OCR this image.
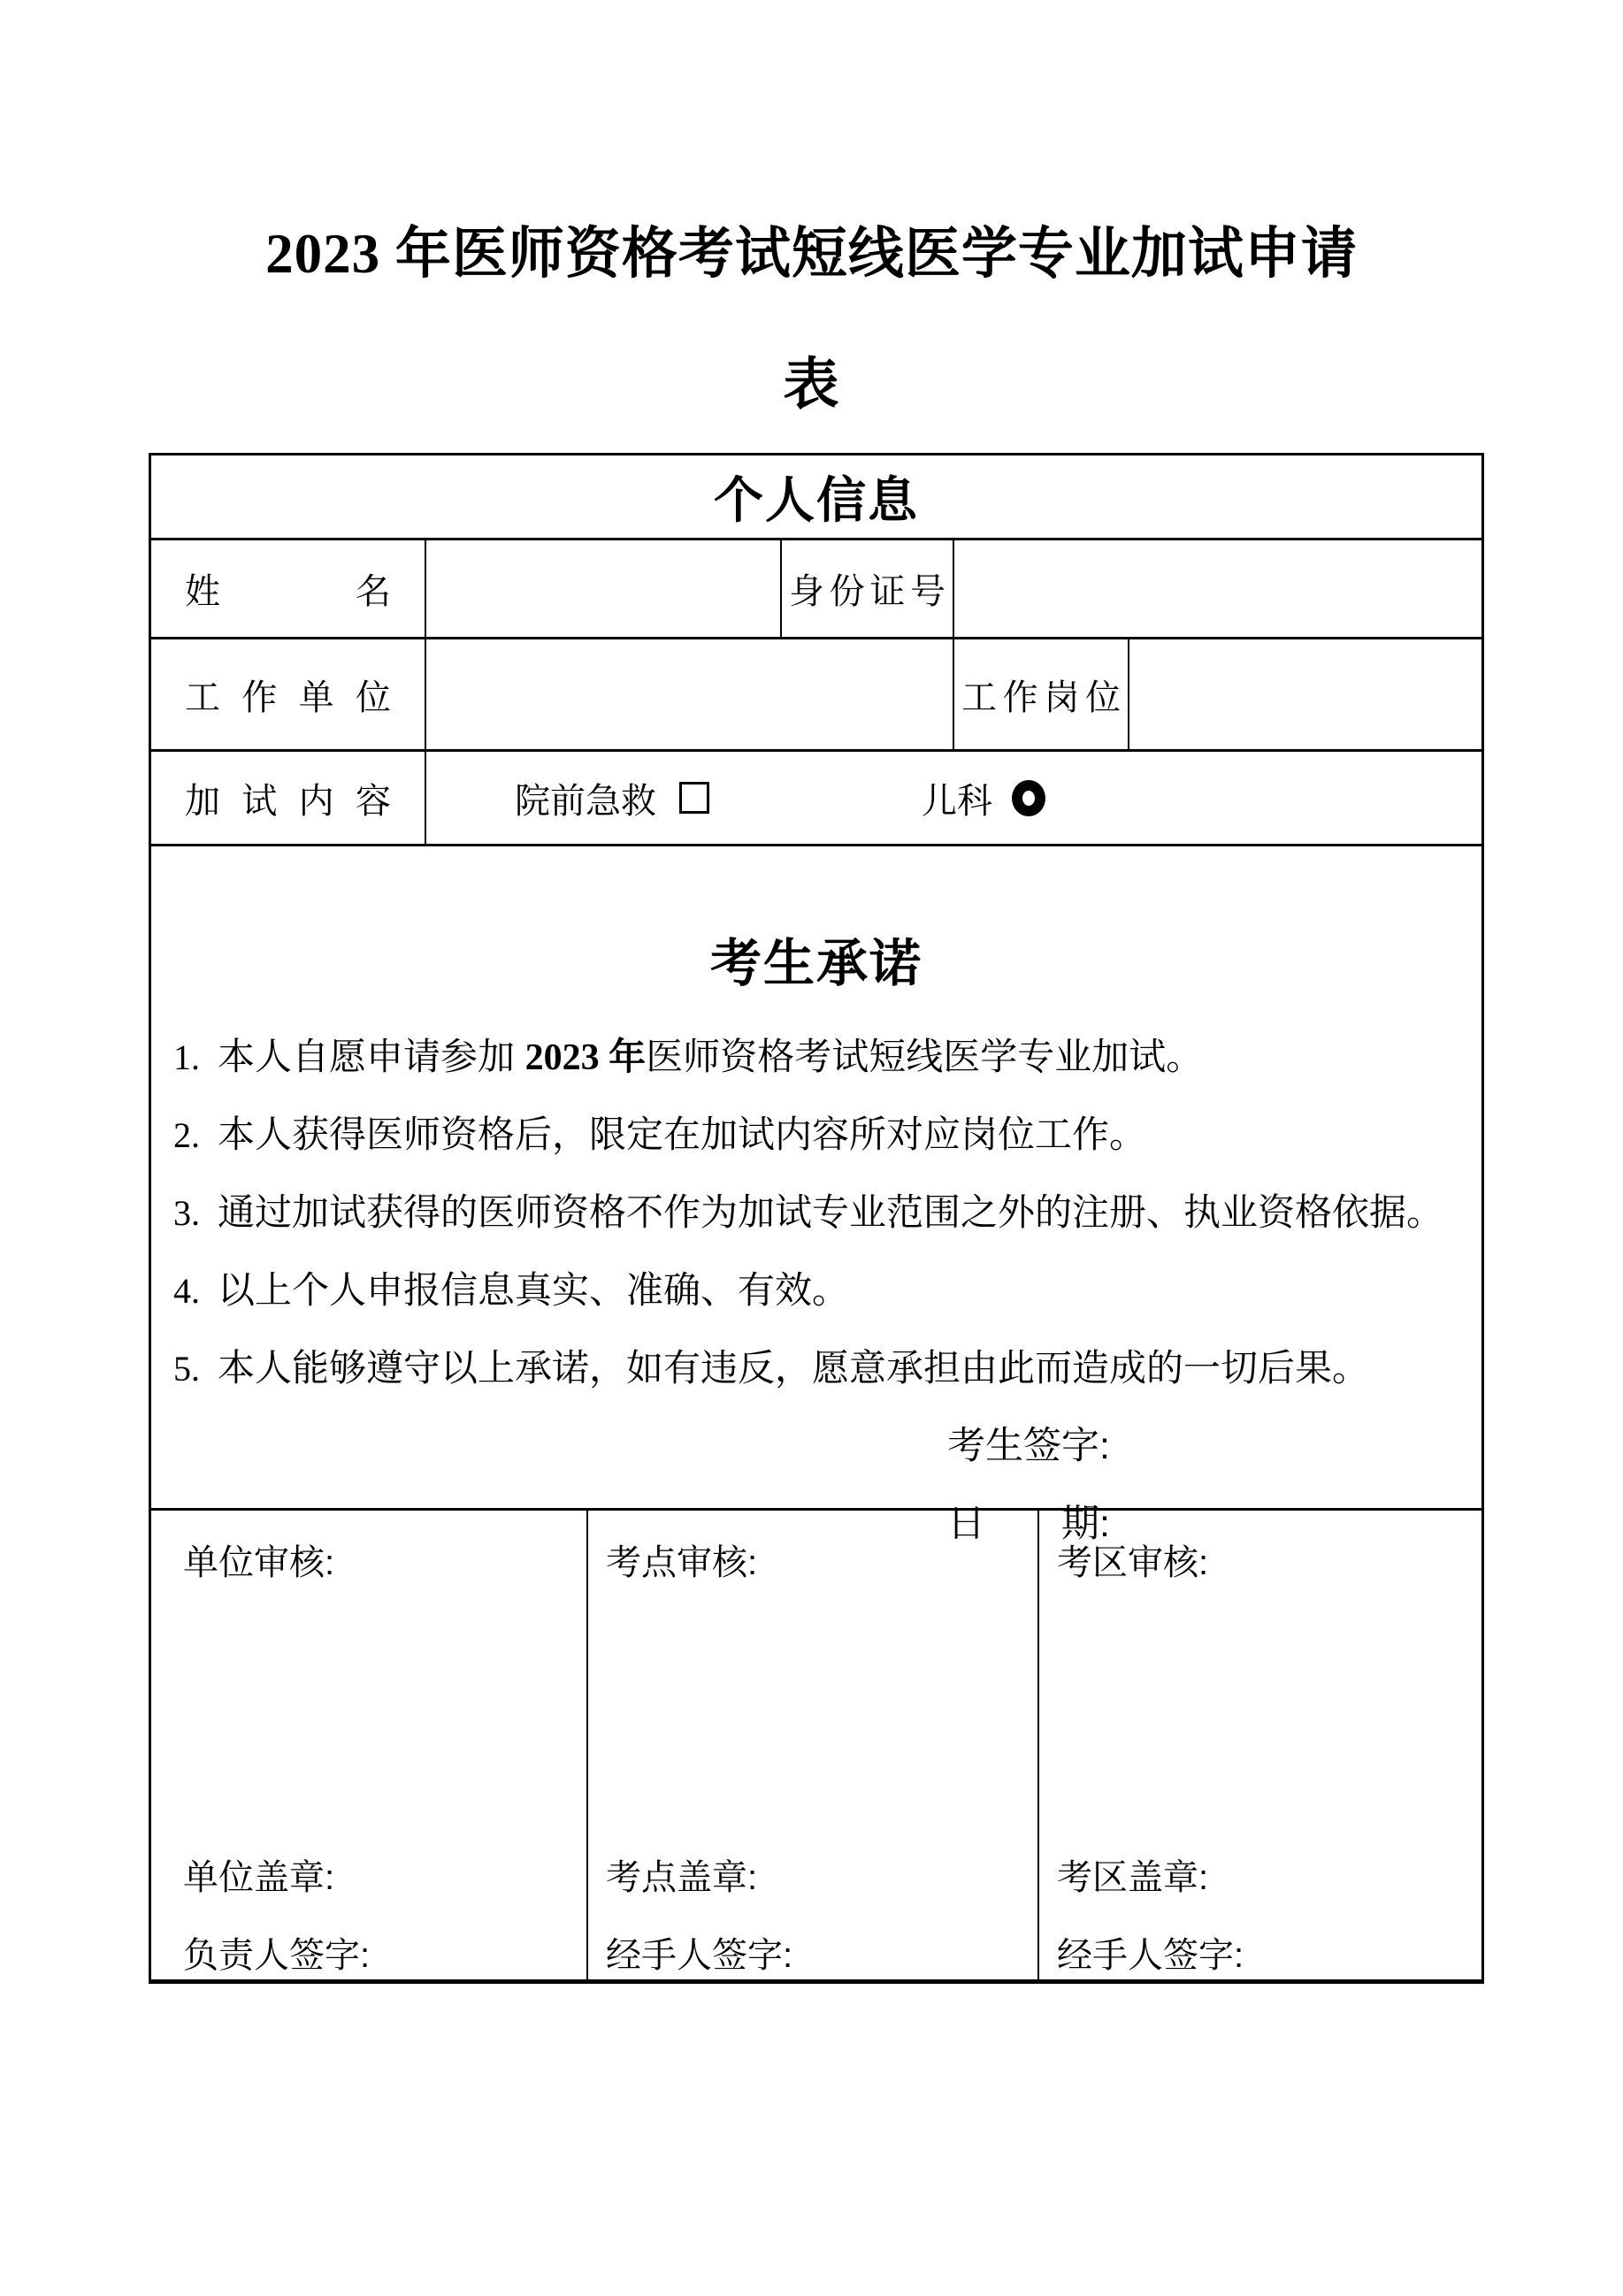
2023 年医师资格考试短线医学专业加试申请
表
个人信息
姓名	身份证号
工作单位	工作岗位
加试内容	院前急救	儿科
考生承诺
1. 本人自愿申请参加 2023 年医师资格考试短线医学专业加试。
2. 本人获得医师资格后，限定在加试内容所对应岗位工作。
3. 通过加试获得的医师资格不作为加试专业范围之外的注册、执业资格依据。
4. 以上个人申报信息真实、准确、有效。
5. 本人能够遵守以上承诺，如有违反，愿意承担由此而造成的一切后果。
考生签字:
日　　期:
单位审核:
单位盖章:
负责人签字:
考点审核:
考点盖章:
经手人签字:
考区审核:
考区盖章:
经手人签字:
